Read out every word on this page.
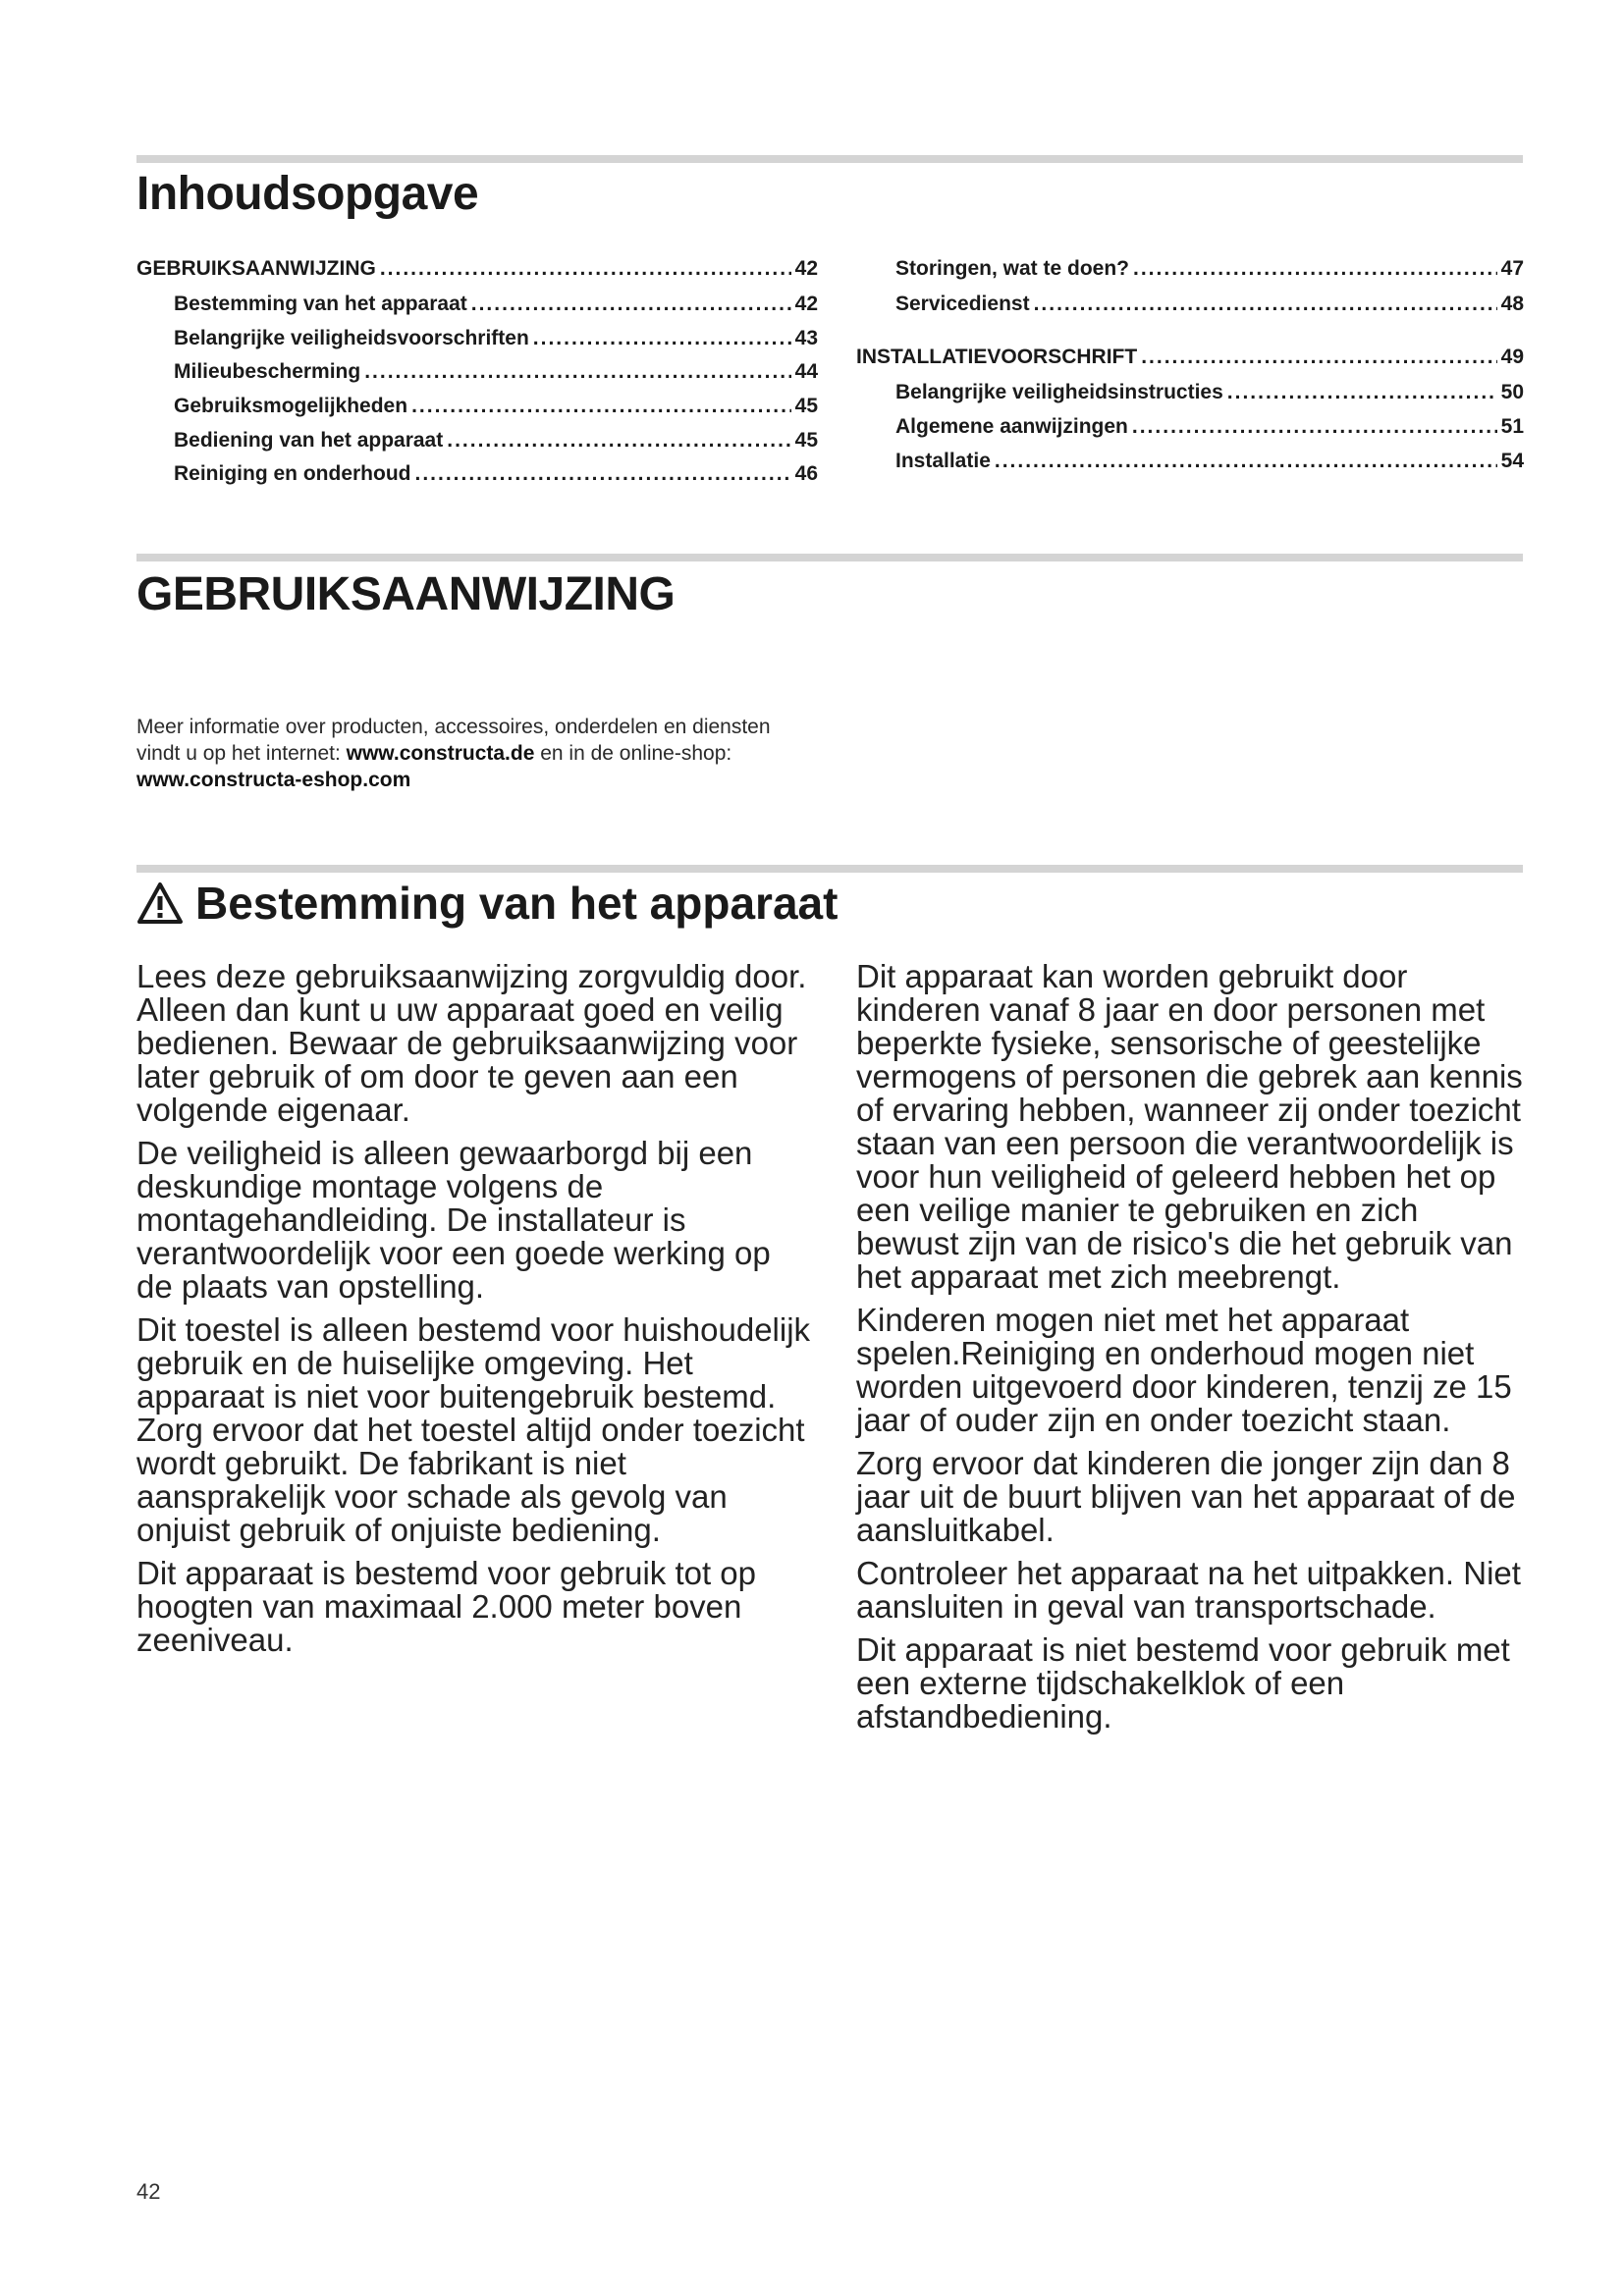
Inhoudsopgave
GEBRUIKSAANWIJZING .....	42
Bestemming van het apparaat .....	42
Belangrijke veiligheidsvoorschriften .....	43
Milieubescherming .....	44
Gebruiksmogelijkheden .....	45
Bediening van het apparaat .....	45
Reiniging en onderhoud .....	46
Storingen, wat te doen? .....	47
Servicedienst .....	48
INSTALLATIEVOORSCHRIFT .....	49
Belangrijke veiligheidsinstructies .....	50
Algemene aanwijzingen .....	51
Installatie .....	54
GEBRUIKSAANWIJZING
Meer informatie over producten, accessoires, onderdelen en diensten vindt u op het internet: www.constructa.de en in de online-shop: www.constructa-eshop.com
Bestemming van het apparaat

Lees deze gebruiksaanwijzing zorgvuldig door. Alleen dan kunt u uw apparaat goed en veilig bedienen. Bewaar de gebruiksaanwijzing voor later gebruik of om door te geven aan een volgende eigenaar.

De veiligheid is alleen gewaarborgd bij een deskundige montage volgens de montagehandleiding. De installateur is verantwoordelijk voor een goede werking op de plaats van opstelling.

Dit toestel is alleen bestemd voor huishoudelijk gebruik en de huiselijke omgeving. Het apparaat is niet voor buitengebruik bestemd. Zorg ervoor dat het toestel altijd onder toezicht wordt gebruikt. De fabrikant is niet aansprakelijk voor schade als gevolg van onjuist gebruik of onjuiste bediening.

Dit apparaat is bestemd voor gebruik tot op hoogten van maximaal 2.000 meter boven zeeniveau.

Dit apparaat kan worden gebruikt door kinderen vanaf 8 jaar en door personen met beperkte fysieke, sensorische of geestelijke vermogens of personen die gebrek aan kennis of ervaring hebben, wanneer zij onder toezicht staan van een persoon die verantwoordelijk is voor hun veiligheid of geleerd hebben het op een veilige manier te gebruiken en zich bewust zijn van de risico's die het gebruik van het apparaat met zich meebrengt.

Kinderen mogen niet met het apparaat spelen.Reiniging en onderhoud mogen niet worden uitgevoerd door kinderen, tenzij ze 15 jaar of ouder zijn en onder toezicht staan.

Zorg ervoor dat kinderen die jonger zijn dan 8 jaar uit de buurt blijven van het apparaat of de aansluitkabel.

Controleer het apparaat na het uitpakken. Niet aansluiten in geval van transportschade.

Dit apparaat is niet bestemd voor gebruik met een externe tijdschakelklok of een afstandbediening.

42
